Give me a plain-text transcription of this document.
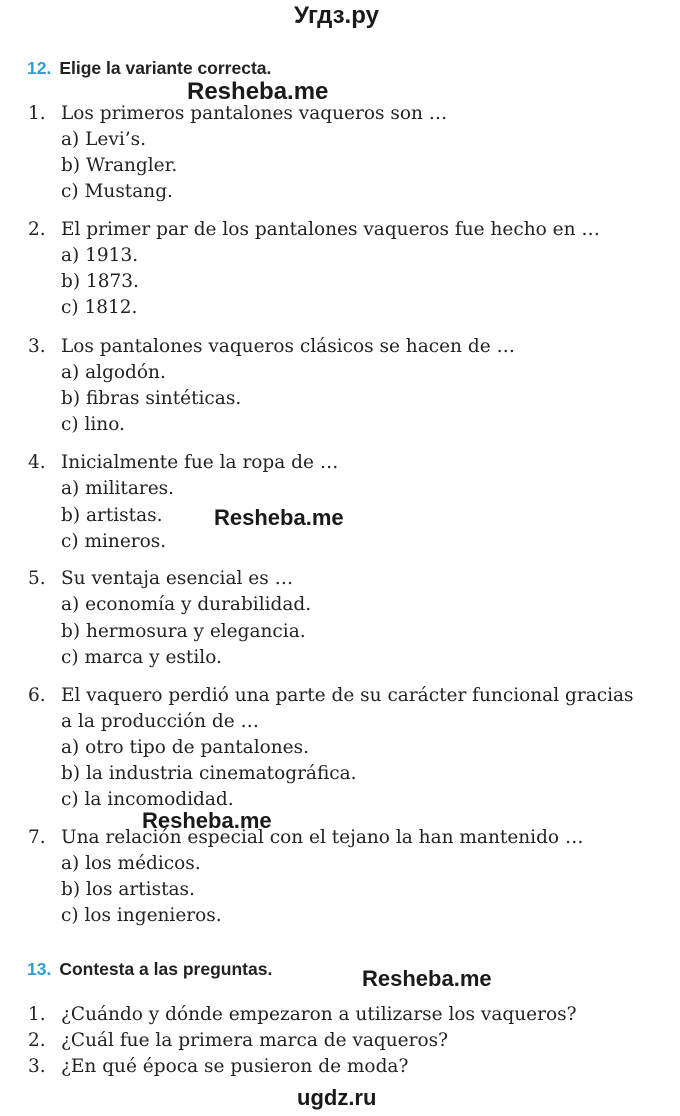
Угдз.ру
12. Elige la variante correcta.
Resheba.me
1. Los primeros pantalones vaqueros son …
a) Levi’s.
b) Wrangler.
c) Mustang.
2. El primer par de los pantalones vaqueros fue hecho en …
a) 1913.
b) 1873.
c) 1812.
3. Los pantalones vaqueros clásicos se hacen de …
a) algodón.
b) fibras sintéticas.
c) lino.
4. Inicialmente fue la ropa de …
a) militares.
b) artistas.
c) mineros.
Resheba.me
5. Su ventaja esencial es …
a) economía y durabilidad.
b) hermosura y elegancia.
c) marca y estilo.
6. El vaquero perdió una parte de su carácter funcional gracias
a la producción de …
a) otro tipo de pantalones.
b) la industria cinematográfica.
c) la incomodidad.
Resheba.me
7. Una relación especial con el tejano la han mantenido …
a) los médicos.
b) los artistas.
c) los ingenieros.
13. Contesta a las preguntas.	Resheba.me
1. ¿Cuándo y dónde empezaron a utilizarse los vaqueros?
2. ¿Cuál fue la primera marca de vaqueros?
3. ¿En qué época se pusieron de moda?
ugdz.ru
